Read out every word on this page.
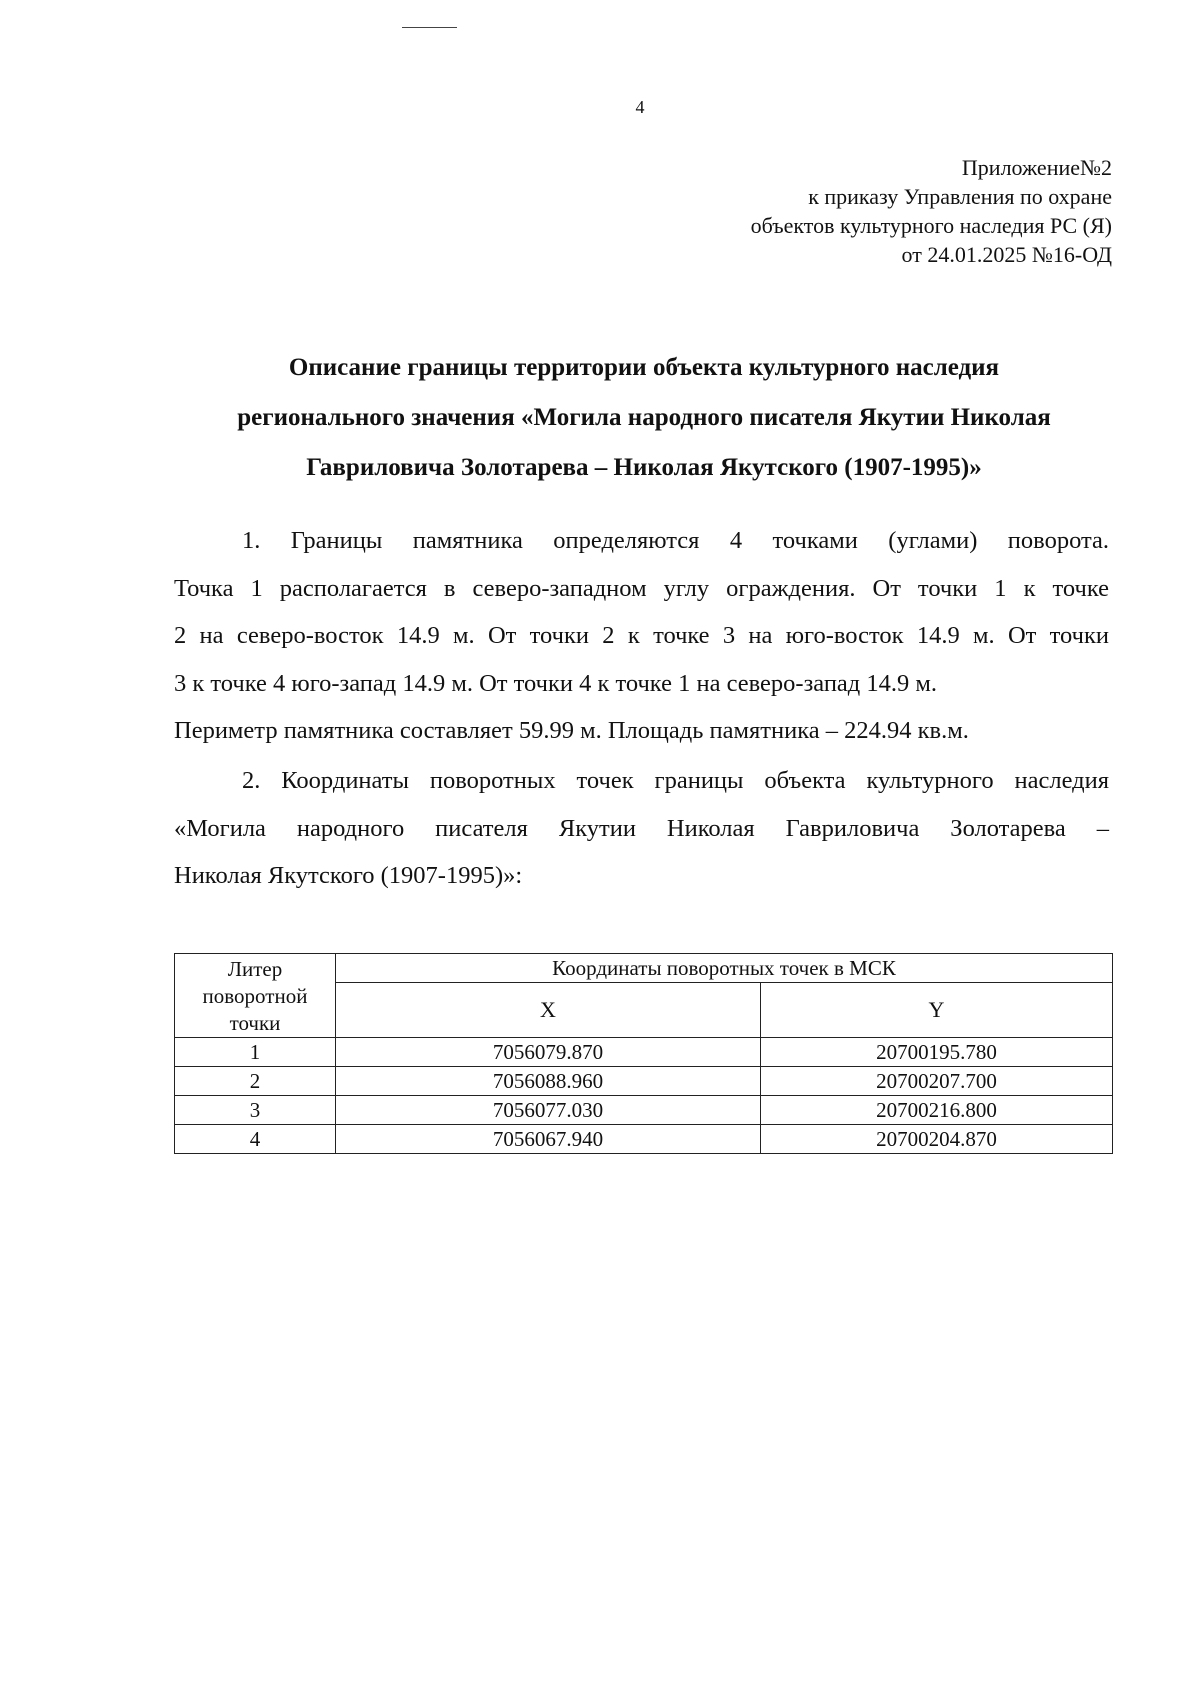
4
Приложение№2
к приказу Управления по охране
объектов культурного наследия РС (Я)
от 24.01.2025 №16-ОД
Описание границы территории объекта культурного наследия
регионального значения «Могила народного писателя Якутии Николая
Гавриловича Золотарева – Николая Якутского (1907-1995)»
1. Границы памятника определяются 4 точками (углами) поворота.
Точка 1 располагается в северо-западном углу ограждения. От точки 1 к точке
2 на северо-восток 14.9 м. От точки 2 к точке 3 на юго-восток 14.9 м. От точки
3 к точке 4 юго-запад 14.9 м. От точки 4 к точке 1 на северо-запад 14.9 м.
Периметр памятника составляет 59.99 м. Площадь памятника – 224.94 кв.м.
2. Координаты поворотных точек границы объекта культурного наследия
«Могила народного писателя Якутии Николая Гавриловича Золотарева –
Николая Якутского (1907-1995)»:
Литер
поворотной
точки	Координаты поворотных точек в МСК	
	X	Y
1	7056079.870	20700195.780
2	7056088.960	20700207.700
3	7056077.030	20700216.800
4	7056067.940	20700204.870
